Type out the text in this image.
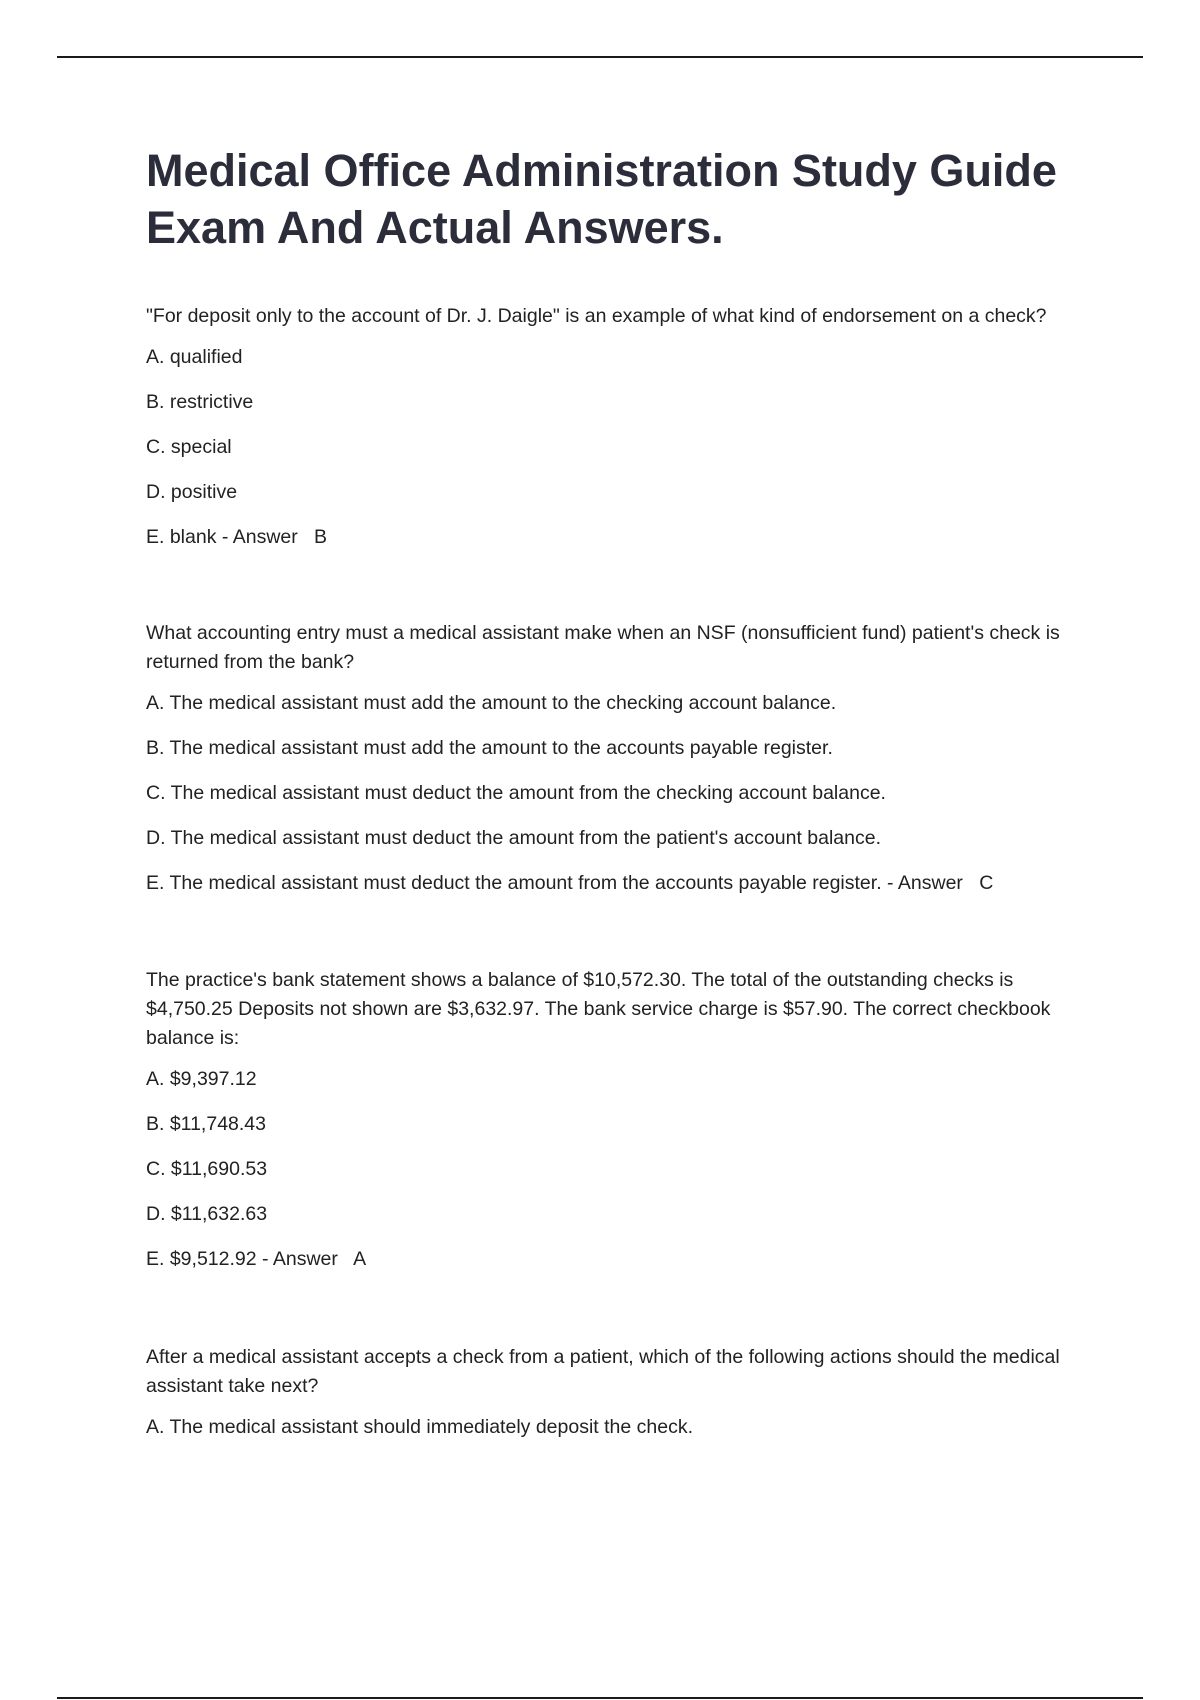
Medical Office Administration Study Guide Exam And Actual Answers.

"For deposit only to the account of Dr. J. Daigle" is an example of what kind of endorsement on a check?

A. qualified

B. restrictive

C. special

D. positive

E. blank - Answer B

What accounting entry must a medical assistant make when an NSF (nonsufficient fund) patient's check is returned from the bank?

A. The medical assistant must add the amount to the checking account balance.

B. The medical assistant must add the amount to the accounts payable register.

C. The medical assistant must deduct the amount from the checking account balance.

D. The medical assistant must deduct the amount from the patient's account balance.

E. The medical assistant must deduct the amount from the accounts payable register. - Answer C

The practice's bank statement shows a balance of $10,572.30. The total of the outstanding checks is $4,750.25 Deposits not shown are $3,632.97. The bank service charge is $57.90. The correct checkbook balance is:

A. $9,397.12

B. $11,748.43

C. $11,690.53

D. $11,632.63

E. $9,512.92 - Answer A

After a medical assistant accepts a check from a patient, which of the following actions should the medical assistant take next?

A. The medical assistant should immediately deposit the check.
